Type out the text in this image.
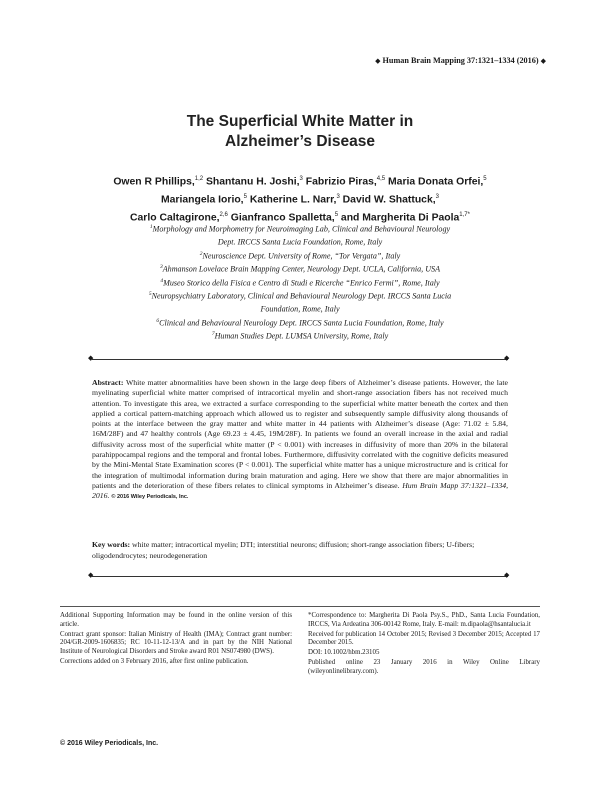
◆ Human Brain Mapping 37:1321–1334 (2016) ◆
The Superficial White Matter in
Alzheimer’s Disease
Owen R Phillips,$^{1,2}$ Shantanu H. Joshi,$^3$ Fabrizio Piras,$^{4,5}$ Maria Donata Orfei,$^5$
Mariangela Iorio,$^5$ Katherine L. Narr,$^3$ David W. Shattuck,$^3$
Carlo Caltagirone,$^{2,6}$ Gianfranco Spalletta,$^5$ and Margherita Di Paola$^{1,7*}$
$^1$Morphology and Morphometry for Neuroimaging Lab, Clinical and Behavioural Neurology
Dept. IRCCS Santa Lucia Foundation, Rome, Italy
$^2$Neuroscience Dept. University of Rome, “Tor Vergata”, Italy
$^3$Ahmanson Lovelace Brain Mapping Center, Neurology Dept. UCLA, California, USA
$^4$Museo Storico della Fisica e Centro di Studi e Ricerche “Enrico Fermi”, Rome, Italy
$^5$Neuropsychiatry Laboratory, Clinical and Behavioural Neurology Dept. IRCCS Santa Lucia
Foundation, Rome, Italy
$^6$Clinical and Behavioural Neurology Dept. IRCCS Santa Lucia Foundation, Rome, Italy
$^7$Human Studies Dept. LUMSA University, Rome, Italy
◆	◆
Abstract: White matter abnormalities have been shown in the large deep fibers of Alzheimer’s disease patients. However, the late myelinating superficial white matter comprised of intracortical myelin and short-range association fibers has not received much attention. To investigate this area, we extracted a surface corresponding to the superficial white matter beneath the cortex and then applied a cortical pattern-matching approach which allowed us to register and subsequently sample diffusivity along thousands of points at the interface between the gray matter and white matter in 44 patients with Alzheimer’s disease (Age: 71.02 ± 5.84, 16M/28F) and 47 healthy controls (Age 69.23 ± 4.45, 19M/28F). In patients we found an overall increase in the axial and radial diffusivity across most of the superficial white matter (P < 0.001) with increases in diffusivity of more than 20% in the bilateral parahippocampal regions and the temporal and frontal lobes. Furthermore, diffusivity correlated with the cognitive deficits measured by the Mini-Mental State Examination scores (P < 0.001). The superficial white matter has a unique microstructure and is critical for the integration of multimodal information during brain maturation and aging. Here we show that there are major abnormalities in patients and the deterioration of these fibers relates to clinical symptoms in Alzheimer’s disease. Hum Brain Mapp 37:1321–1334, 2016. © 2016 Wiley Periodicals, Inc.
Key words: white matter; intracortical myelin; DTI; interstitial neurons; diffusion; short-range association fibers; U-fibers; oligodendrocytes; neurodegeneration
◆	◆

Additional Supporting Information may be found in the online version of this article.

Contract grant sponsor: Italian Ministry of Health (IMA); Contract grant number: 204/GR-2009-1606835; RC 10-11-12-13/A and in part by the NIH National Institute of Neurological Disorders and Stroke award R01 NS074980 (DWS).

Corrections added on 3 February 2016, after first online publication.

*Correspondence to: Margherita Di Paola Psy.S., PhD., Santa Lucia Foundation, IRCCS, Via Ardeatina 306-00142 Rome, Italy. E-mail: m.dipaola@hsantalucia.it

Received for publication 14 October 2015; Revised 3 December 2015; Accepted 17 December 2015.

DOI: 10.1002/hbm.23105

Published online 23 January 2016 in Wiley Online Library (wileyonlinelibrary.com).

© 2016 Wiley Periodicals, Inc.
